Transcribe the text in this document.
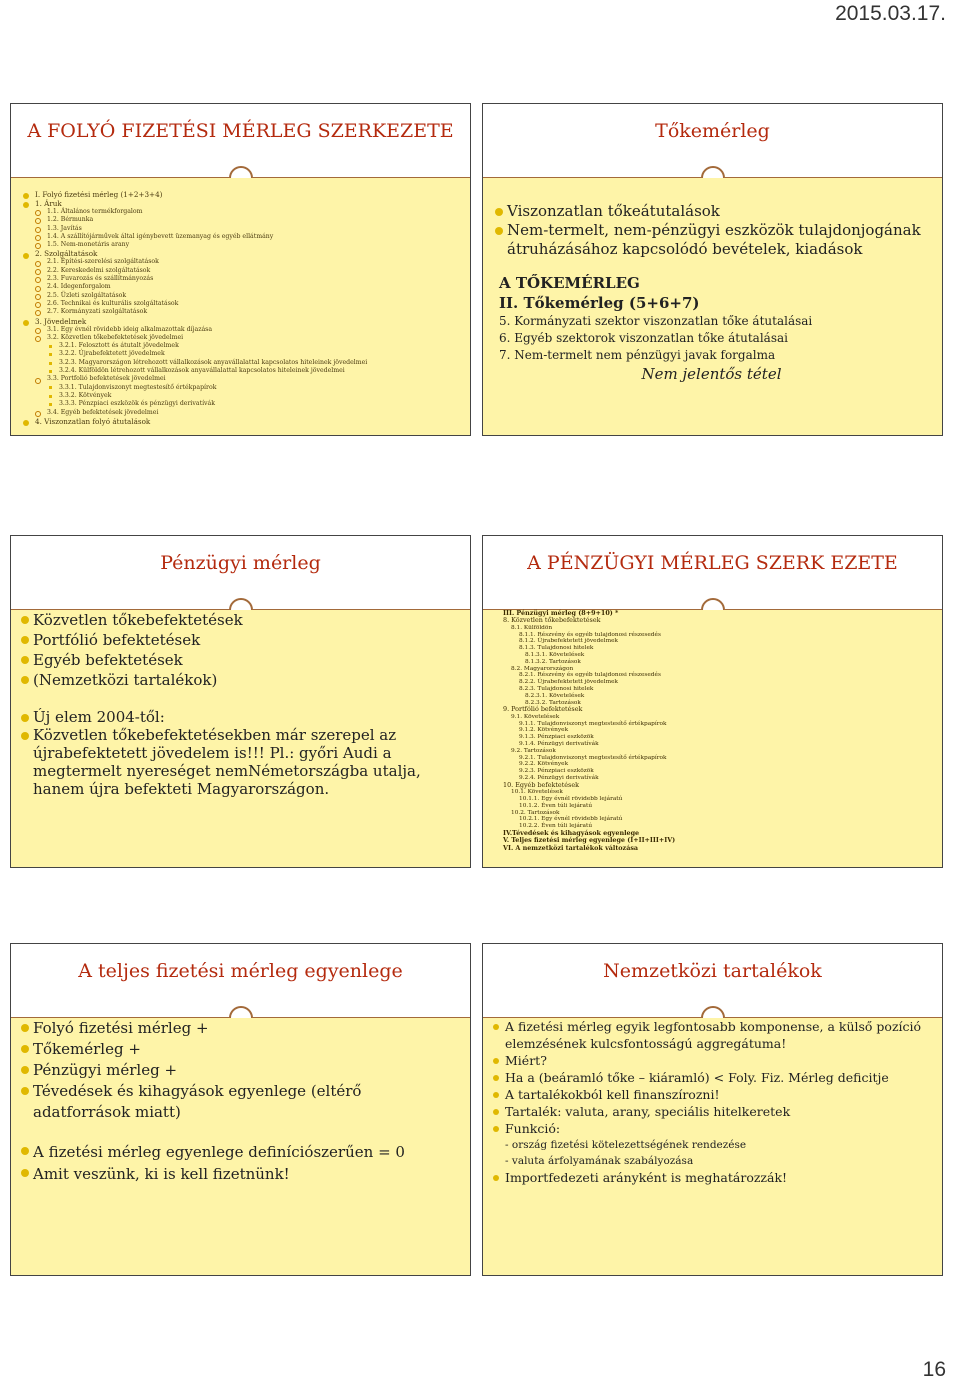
2015.03.17.
A FOLYÓ FIZETÉSI MÉRLEG SZERKEZETE
I. Folyó fizetési mérleg (1+2+3+4)
1. Áruk
1.1. Általános termékforgalom
1.2. Bérmunka
1.3. Javítás
1.4. A szállítójárművek által igénybevett üzemanyag és egyéb ellátmány
1.5. Nem-monetáris arany
2. Szolgáltatások
2.1. Építési-szerelési szolgáltatások
2.2. Kereskedelmi szolgáltatások
2.3. Fuvarozás és szállítmányozás
2.4. Idegenforgalom
2.5. Üzleti szolgáltatások
2.6. Technikai és kulturális szolgáltatások
2.7. Kormányzati szolgáltatások
3. Jövedelmek
3.1. Egy évnél rövidebb ideig alkalmazottak díjazása
3.2. Közvetlen tőkebefektetések jövedelmei
3.2.1. Felosztott és átutalt jövedelmek
3.2.2. Újrabefektetett jövedelmek
3.2.3. Magyarországon létrehozott vállalkozások anyavállalattal kapcsolatos hiteleinek jövedelmei
3.2.4. Külföldön létrehozott vállalkozások anyavállalattal kapcsolatos hiteleinek jövedelmei
3.3. Portfolió befektetések jövedelmei
3.3.1. Tulajdonviszonyt megtestesítő értékpapírok
3.3.2. Kötvények
3.3.3. Pénzpiaci eszközök és pénzügyi derivatívák
3.4. Egyéb befektetések jövedelmei
4. Viszonzatlan folyó átutalások
Tőkemérleg
Viszonzatlan tőkeátutalások
Nem-termelt, nem-pénzügyi eszközök tulajdonjogának átruházásához kapcsolódó bevételek, kiadások
A TŐKEMÉRLEG
II. Tőkemérleg (5+6+7)
5. Kormányzati szektor viszonzatlan tőke átutalásai
6. Egyéb szektorok viszonzatlan tőke átutalásai
7. Nem-termelt nem pénzügyi javak forgalma
Nem jelentős tétel
Pénzügyi mérleg
Közvetlen tőkebefektetések
Portfólió befektetések
Egyéb befektetések
(Nemzetközi tartalékok)
Új elem 2004-től:
Közvetlen tőkebefektetésekben már szerepel az újrabefektetett jövedelem is!!! Pl.: győri Audi a megtermelt nyereséget nemNémetországba utalja, hanem újra befekteti Magyarországon.
A PÉNZÜGYI MÉRLEG SZERK EZETE
III. Pénzügyi mérleg (8+9+10) *
8. Közvetlen tőkebefektetések
8.1. Külföldön
8.1.1. Részvény és egyéb tulajdonosi részesedés
8.1.2. Újrabefektetett jövedelmek
8.1.3. Tulajdonosi hitelek
8.1.3.1. Követelések
8.1.3.2. Tartozások
8.2. Magyarországon
8.2.1. Részvény és egyéb tulajdonosi részesedés
8.2.2. Újrabefektetett jövedelmek
8.2.3. Tulajdonosi hitelek
8.2.3.1. Követelések
8.2.3.2. Tartozások
9. Portfólió befektetések
9.1. Követelések
9.1.1. Tulajdonviszonyt megtestesítő értékpapírok
9.1.2. Kötvények
9.1.3. Pénzpiaci eszközök
9.1.4. Pénzügyi derivatívák
9.2. Tartozások
9.2.1. Tulajdonviszonyt megtestesítő értékpapírok
9.2.2. Kötvények
9.2.3. Pénzpiaci eszközök
9.2.4. Pénzügyi derivatívák
10. Egyéb befektetések
10.1. Követelések
10.1.1. Egy évnél rövidebb lejáratú
10.1.2. Éven túli lejáratú
10.2. Tartozások
10.2.1. Egy évnél rövidebb lejáratú
10.2.2. Éven túli lejáratú
IV.Tévedések és kihagyások egyenlege
V. Teljes fizetési mérleg egyenlege (I+II+III+IV)
VI. A nemzetközi tartalékok változása
A teljes fizetési mérleg egyenlege
Folyó fizetési mérleg +
Tőkemérleg +
Pénzügyi mérleg +
Tévedések és kihagyások egyenlege (eltérő adatforrások miatt)
A fizetési mérleg egyenlege definíciószerűen = 0
Amit veszünk, ki is kell fizetnünk!
Nemzetközi tartalékok
A fizetési mérleg egyik legfontosabb komponense, a külső pozíció elemzésének kulcsfontosságú aggregátuma!
Miért?
Ha a (beáramló tőke – kiáramló) < Foly. Fiz. Mérleg deficitje
A tartalékokból kell finanszírozni!
Tartalék: valuta, arany, speciális hitelkeretek
Funkció:
- ország fizetési kötelezettségének rendezése
- valuta árfolyamának szabályozása
Importfedezeti arányként is meghatározzák!
16
